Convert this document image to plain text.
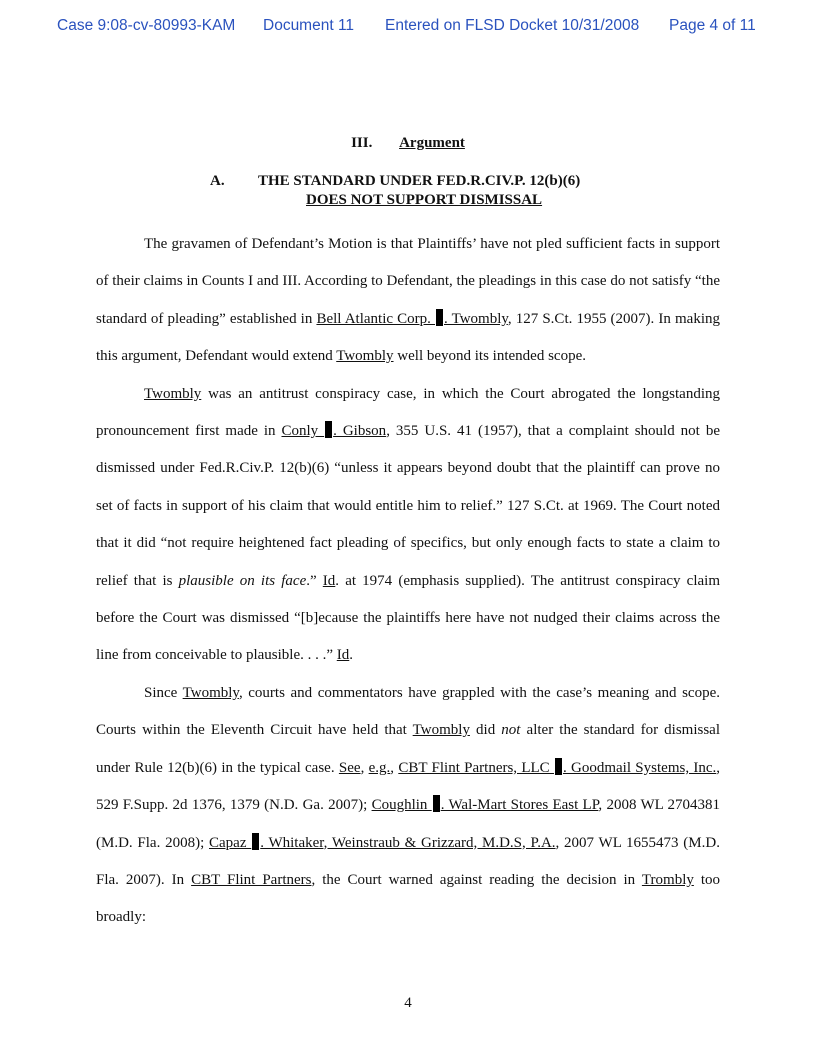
Case 9:08-cv-80993-KAM Document 11 Entered on FLSD Docket 10/31/2008 Page 4 of 11
III. Argument
A. THE STANDARD UNDER FED.R.CIV.P. 12(b)(6)
DOES NOT SUPPORT DISMISSAL

The gravamen of Defendant’s Motion is that Plaintiffs’ have not pled sufficient facts in support of their claims in Counts I and III. According to Defendant, the pleadings in this case do not satisfy “the standard of pleading” established in Bell Atlantic Corp. . Twombly, 127 S.Ct. 1955 (2007). In making this argument, Defendant would extend Twombly well beyond its intended scope.

Twombly was an antitrust conspiracy case, in which the Court abrogated the longstanding pronouncement first made in Conly . Gibson, 355 U.S. 41 (1957), that a complaint should not be dismissed under Fed.R.Civ.P. 12(b)(6) “unless it appears beyond doubt that the plaintiff can prove no set of facts in support of his claim that would entitle him to relief.” 127 S.Ct. at 1969. The Court noted that it did “not require heightened fact pleading of specifics, but only enough facts to state a claim to relief that is plausible on its face.” Id. at 1974 (emphasis supplied). The antitrust conspiracy claim before the Court was dismissed “[b]ecause the plaintiffs here have not nudged their claims across the line from conceivable to plausible. . . .” Id.

Since Twombly, courts and commentators have grappled with the case’s meaning and scope. Courts within the Eleventh Circuit have held that Twombly did not alter the standard for dismissal under Rule 12(b)(6) in the typical case. See, e.g., CBT Flint Partners, LLC . Goodmail Systems, Inc., 529 F.Supp. 2d 1376, 1379 (N.D. Ga. 2007); Coughlin . Wal-Mart Stores East LP, 2008 WL 2704381 (M.D. Fla. 2008); Capaz . Whitaker, Weinstraub & Grizzard, M.D.S, P.A., 2007 WL 1655473 (M.D. Fla. 2007). In CBT Flint Partners, the Court warned against reading the decision in Trombly too broadly:

4
